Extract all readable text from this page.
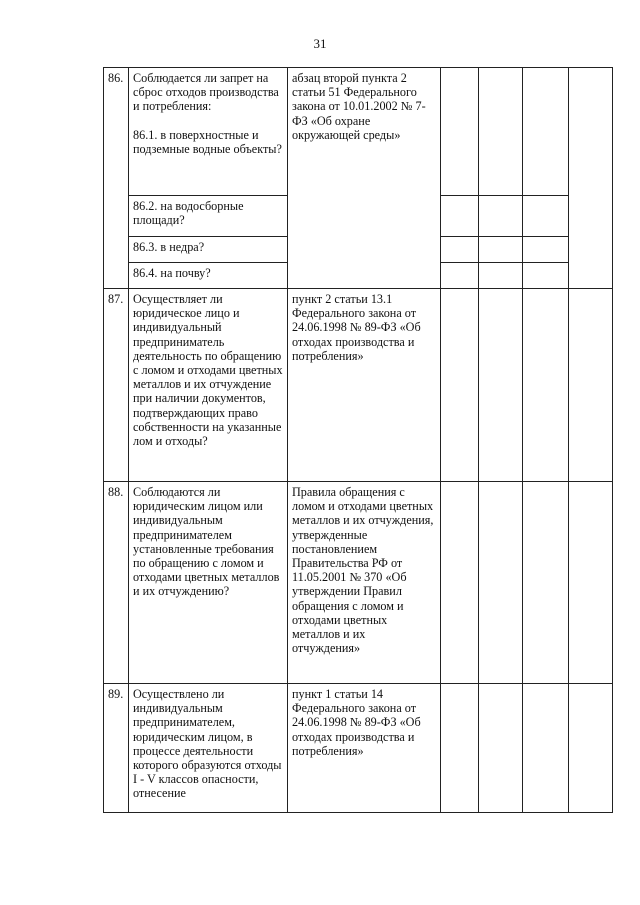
31
86.	Соблюдается ли запрет на сброс отходов производства и потребления:
86.1. в поверхностные и подземные водные объекты?	абзац второй пункта 2 статьи 51 Федерального закона от 10.01.2002 № 7-ФЗ «Об охране окружающей среды»				
	86.2. на водосборные площади?					
	86.3. в недра?					
	86.4. на почву?					
87.	Осуществляет ли юридическое лицо и индивидуальный предприниматель деятельность по обращению с ломом и отходами цветных металлов и их отчуждение при наличии документов, подтверждающих право собственности на указанные лом и отходы?	пункт 2 статьи 13.1 Федерального закона от 24.06.1998 № 89-ФЗ «Об отходах производства и потребления»				
88.	Соблюдаются ли юридическим лицом или индивидуальным предпринимателем установленные требования по обращению с ломом и отходами цветных металлов и их отчуждению?	Правила обращения с ломом и отходами цветных металлов и их отчуждения, утвержденные постановлением Правительства РФ от 11.05.2001 № 370 «Об утверждении Правил обращения с ломом и отходами цветных металлов и их отчуждения»				
89.	Осуществлено ли индивидуальным предпринимателем, юридическим лицом, в процессе деятельности которого образуются отходы I - V классов опасности, отнесение	пункт 1 статьи 14 Федерального закона от 24.06.1998 № 89-ФЗ «Об отходах производства и потребления»				
